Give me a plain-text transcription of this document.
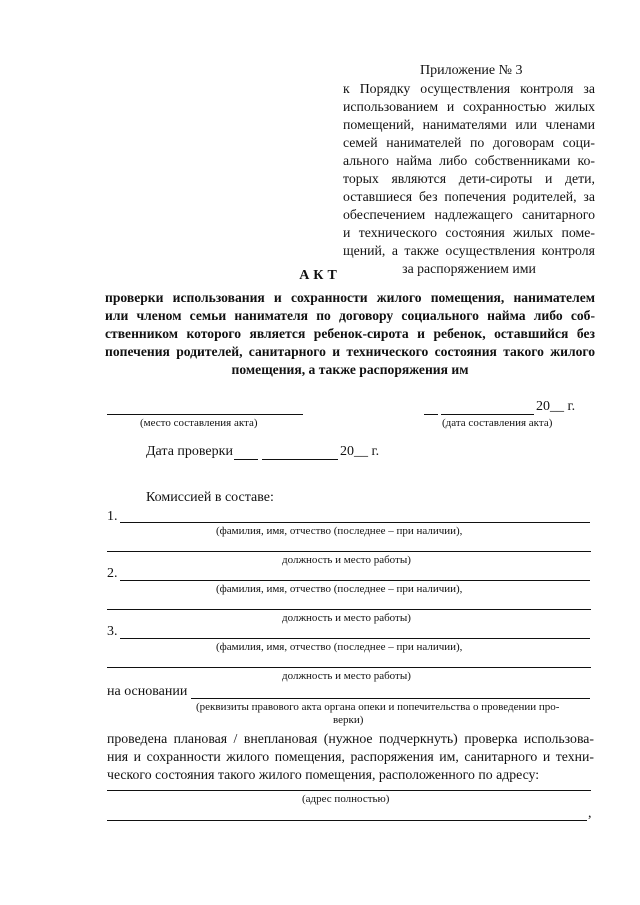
Приложение № 3
к Порядку осуществления контроля за
использованием и сохранностью жилых
помещений, нанимателями или членами
семей нанимателей по договорам соци-
ального найма либо собственниками ко-
торых являются дети-сироты и дети,
оставшиеся без попечения родителей, за
обеспечением надлежащего санитарного
и технического состояния жилых поме-
щений, а также осуществления контроля
за распоряжением ими
АКТ
проверки использования и сохранности жилого помещения, нанимателем
или членом семьи нанимателя по договору социального найма либо соб-
ственником которого является ребенок-сирота и ребенок, оставшийся без
попечения родителей, санитарного и технического состояния такого жилого
помещения, а также распоряжения им
(место составления акта)
20__ г.
(дата составления акта)
Дата проверки	20__ г.
Комиссией в составе:
1.
(фамилия, имя, отчество (последнее – при наличии),
должность и место работы)
2.
(фамилия, имя, отчество (последнее – при наличии),
должность и место работы)
3.
(фамилия, имя, отчество (последнее – при наличии),
должность и место работы)
на основании
(реквизиты правового акта органа опеки и попечительства о проведении про-
верки)
проведена плановая / внеплановая (нужное подчеркнуть) проверка использова-
ния и сохранности жилого помещения, распоряжения им, санитарного и техни-
ческого состояния такого жилого помещения, расположенного по адресу:
(адрес полностью)
,
